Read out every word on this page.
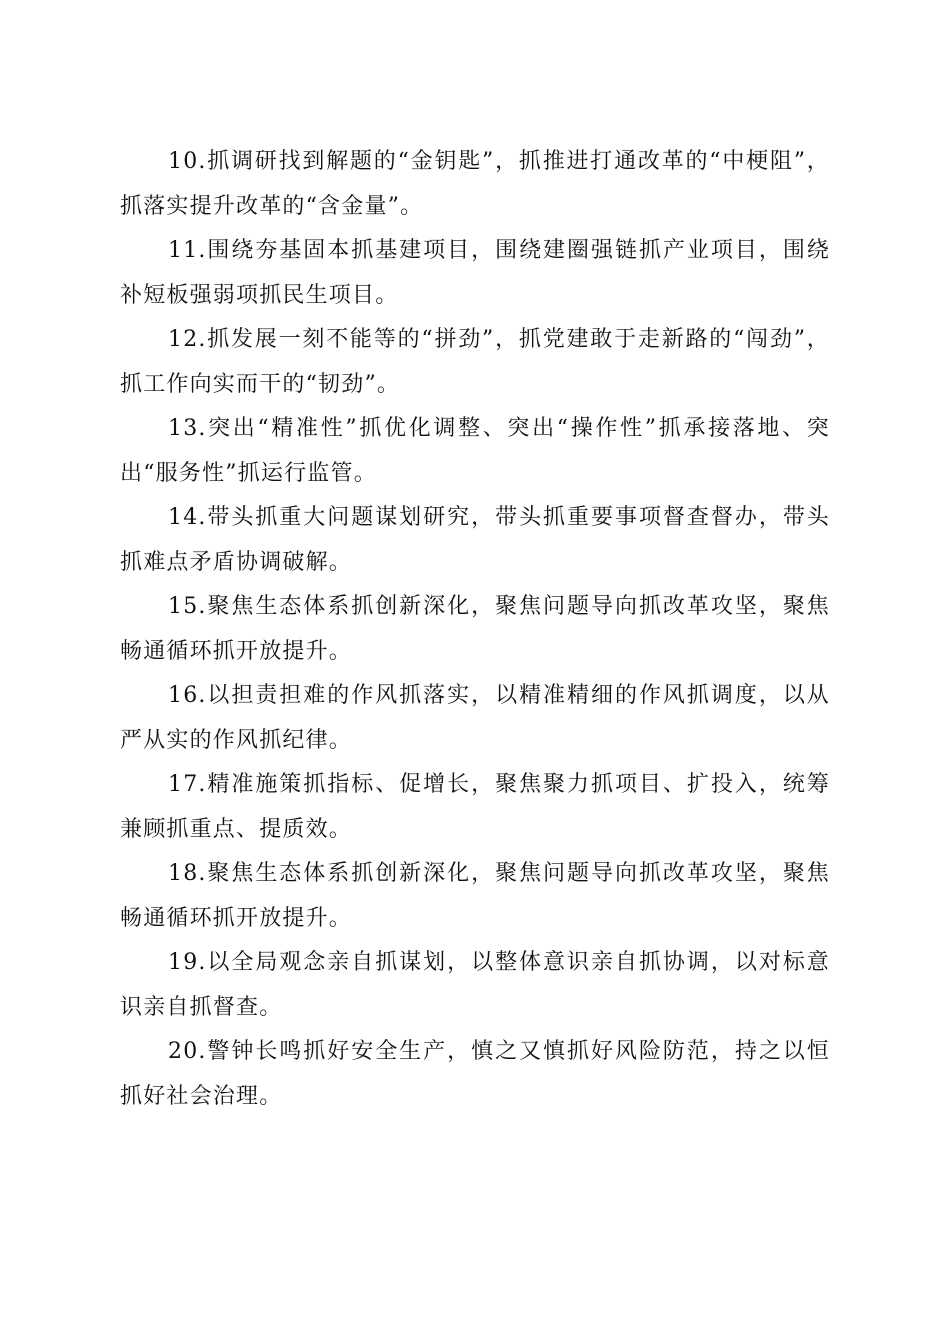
10.抓调研找到解题的“金钥匙”，抓推进打通改革的“中梗阻”，抓落实提升改革的“含金量”。

11.围绕夯基固本抓基建项目，围绕建圈强链抓产业项目，围绕补短板强弱项抓民生项目。

12.抓发展一刻不能等的“拼劲”，抓党建敢于走新路的“闯劲”，抓工作向实而干的“韧劲”。

13.突出“精准性”抓优化调整、突出“操作性”抓承接落地、突出“服务性”抓运行监管。

14.带头抓重大问题谋划研究，带头抓重要事项督查督办，带头抓难点矛盾协调破解。

15.聚焦生态体系抓创新深化，聚焦问题导向抓改革攻坚，聚焦畅通循环抓开放提升。

16.以担责担难的作风抓落实，以精准精细的作风抓调度，以从严从实的作风抓纪律。

17.精准施策抓指标、促增长，聚焦聚力抓项目、扩投入，统筹兼顾抓重点、提质效。

18.聚焦生态体系抓创新深化，聚焦问题导向抓改革攻坚，聚焦畅通循环抓开放提升。

19.以全局观念亲自抓谋划，以整体意识亲自抓协调，以对标意识亲自抓督查。

20.警钟长鸣抓好安全生产，慎之又慎抓好风险防范，持之以恒抓好社会治理。
